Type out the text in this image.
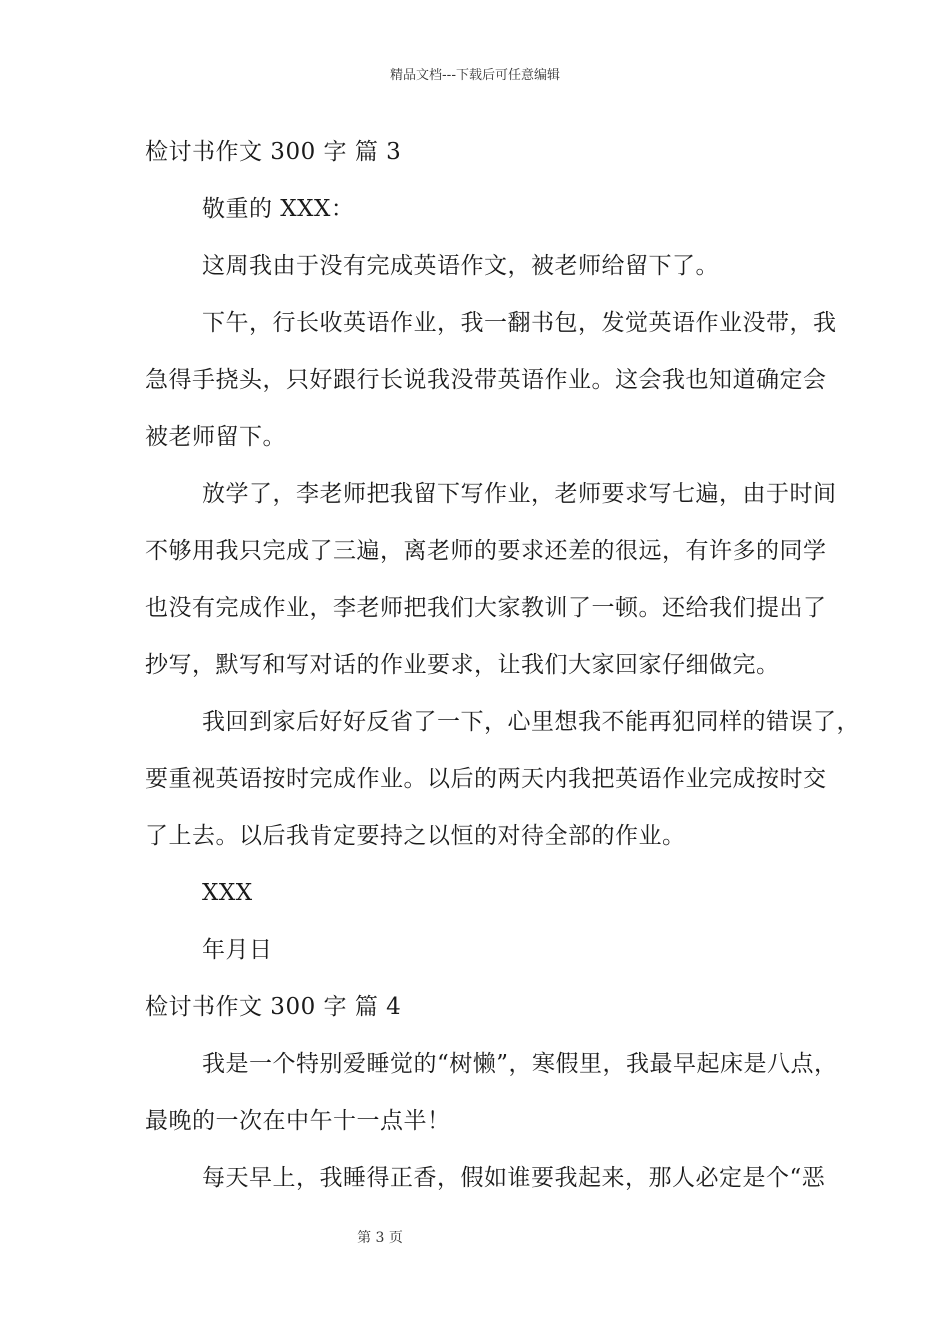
精品文档---下载后可任意编辑
检讨书作文 300 字 篇 3
敬重的 XXX：
这周我由于没有完成英语作文，被老师给留下了。
下午，行长收英语作业，我一翻书包，发觉英语作业没带，我
急得手挠头，只好跟行长说我没带英语作业。这会我也知道确定会
被老师留下。
放学了，李老师把我留下写作业，老师要求写七遍，由于时间
不够用我只完成了三遍，离老师的要求还差的很远，有许多的同学
也没有完成作业，李老师把我们大家教训了一顿。还给我们提出了
抄写，默写和写对话的作业要求，让我们大家回家仔细做完。
我回到家后好好反省了一下，心里想我不能再犯同样的错误了，
要重视英语按时完成作业。以后的两天内我把英语作业完成按时交
了上去。以后我肯定要持之以恒的对待全部的作业。
XXX
年月日
检讨书作文 300 字 篇 4
我是一个特别爱睡觉的“树懒”，寒假里，我最早起床是八点，
最晚的一次在中午十一点半！
每天早上，我睡得正香，假如谁要我起来，那人必定是个“恶
第 3 页
